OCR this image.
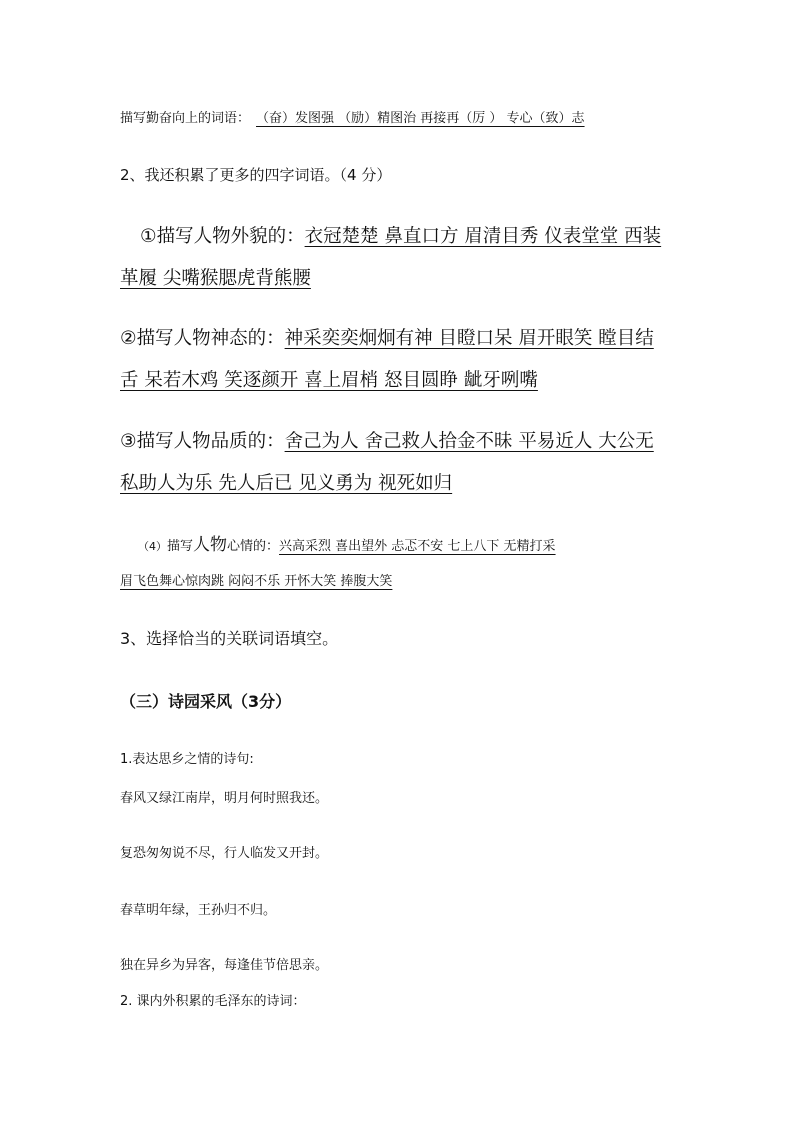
描写勤奋向上的词语： （奋）发图强 （励）精图治 再接再（厉 ） 专心（致）志
2、我还积累了更多的四字词语。（4 分）
①描写人物外貌的：衣冠楚楚 鼻直口方 眉清目秀 仪表堂堂 西装
革履 尖嘴猴腮虎背熊腰
②描写人物神态的：神采奕奕炯炯有神 目瞪口呆 眉开眼笑 瞠目结
舌 呆若木鸡 笑逐颜开 喜上眉梢 怒目圆睁 龇牙咧嘴
③描写人物品质的：舍己为人 舍己救人拾金不昧 平易近人 大公无
私助人为乐 先人后已 见义勇为 视死如归
（4）描写人物心情的：兴高采烈 喜出望外 忐忑不安 七上八下 无精打采
眉飞色舞心惊肉跳 闷闷不乐 开怀大笑 捧腹大笑
3、选择恰当的关联词语填空。
（三）诗园采风（3分）
1.表达思乡之情的诗句:
春风又绿江南岸，明月何时照我还。
复恐匆匆说不尽，行人临发又开封。
春草明年绿，王孙归不归。
独在异乡为异客，每逢佳节倍思亲。
2. 课内外积累的毛泽东的诗词：
